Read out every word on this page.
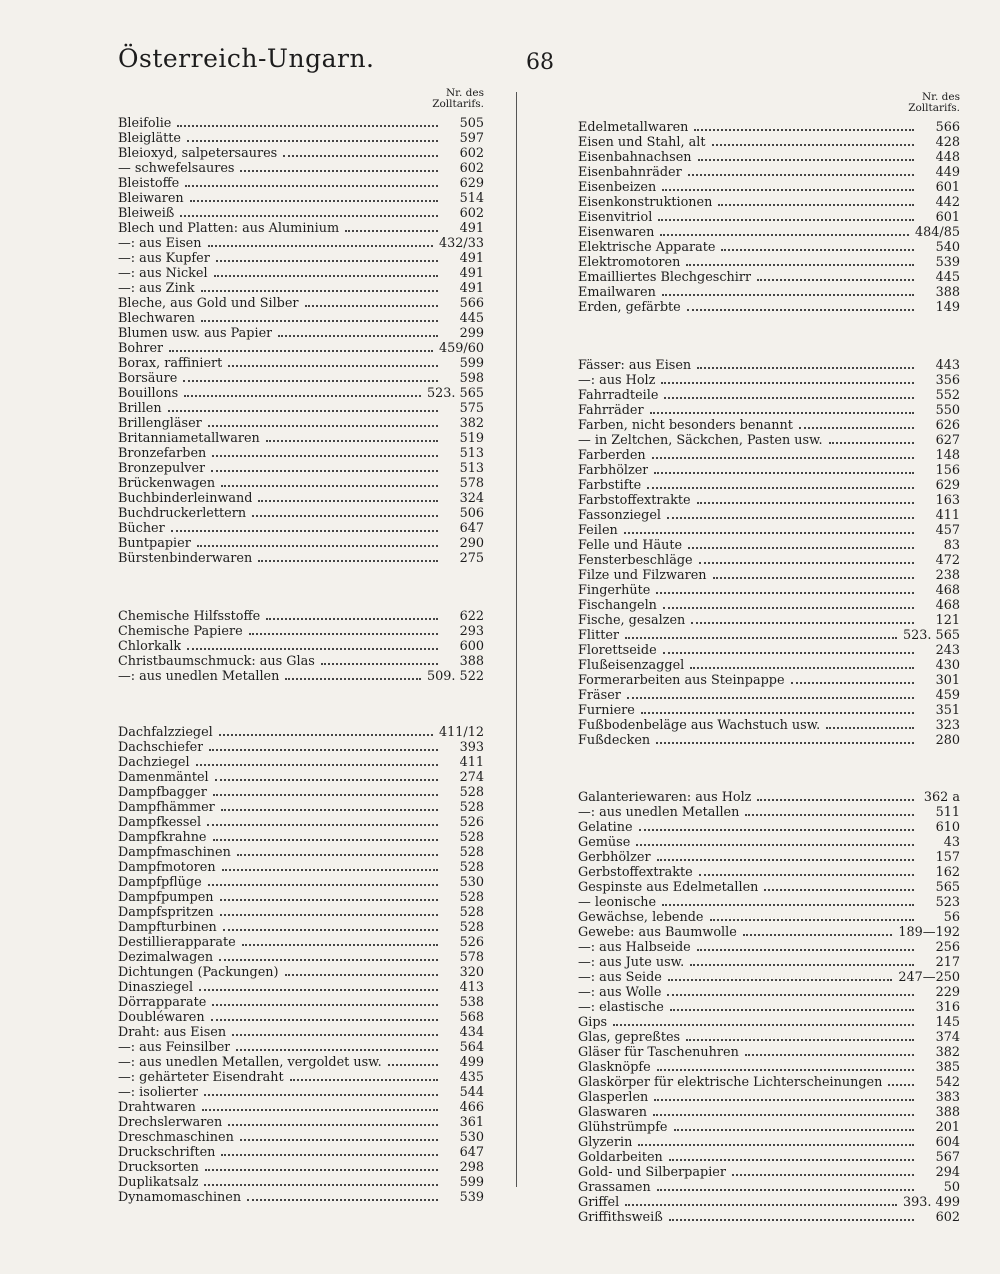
Österreich-Ungarn.	68
Nr. des
Zolltarifs.
Bleifolie	505
Bleiglätte	597
Bleioxyd, salpetersaures	602
— schwefelsaures	602
Bleistoffe	629
Bleiwaren	514
Bleiweiß	602
Blech und Platten: aus Aluminium	491
—: aus Eisen	432/33
—: aus Kupfer	491
—: aus Nickel	491
—: aus Zink	491
Bleche, aus Gold und Silber	566
Blechwaren	445
Blumen usw. aus Papier	299
Bohrer	459/60
Borax, raffiniert	599
Borsäure	598
Bouillons	523. 565
Brillen	575
Brillengläser	382
Britanniametallwaren	519
Bronzefarben	513
Bronzepulver	513
Brückenwagen	578
Buchbinderleinwand	324
Buchdruckerlettern	506
Bücher	647
Buntpapier	290
Bürstenbinderwaren	275
Chemische Hilfsstoffe	622
Chemische Papiere	293
Chlorkalk	600
Christbaumschmuck: aus Glas	388
—: aus unedlen Metallen	509. 522
Dachfalzziegel	411/12
Dachschiefer	393
Dachziegel	411
Damenmäntel	274
Dampfbagger	528
Dampfhämmer	528
Dampfkessel	526
Dampfkrahne	528
Dampfmaschinen	528
Dampfmotoren	528
Dampfpflüge	530
Dampfpumpen	528
Dampfspritzen	528
Dampfturbinen	528
Destillierapparate	526
Dezimalwagen	578
Dichtungen (Packungen)	320
Dinasziegel	413
Dörrapparate	538
Doubléwaren	568
Draht: aus Eisen	434
—: aus Feinsilber	564
—: aus unedlen Metallen, vergoldet usw.	499
—: gehärteter Eisendraht	435
—: isolierter	544
Drahtwaren	466
Drechslerwaren	361
Dreschmaschinen	530
Druckschriften	647
Drucksorten	298
Duplikatsalz	599
Dynamomaschinen	539
Nr. des
Zolltarifs.
Edelmetallwaren	566
Eisen und Stahl, alt	428
Eisenbahnachsen	448
Eisenbahnräder	449
Eisenbeizen	601
Eisenkonstruktionen	442
Eisenvitriol	601
Eisenwaren	484/85
Elektrische Apparate	540
Elektromotoren	539
Emailliertes Blechgeschirr	445
Emailwaren	388
Erden, gefärbte	149
Fässer: aus Eisen	443
—: aus Holz	356
Fahrradteile	552
Fahrräder	550
Farben, nicht besonders benannt	626
— in Zeltchen, Säckchen, Pasten usw.	627
Farberden	148
Farbhölzer	156
Farbstifte	629
Farbstoffextrakte	163
Fassonziegel	411
Feilen	457
Felle und Häute	83
Fensterbeschläge	472
Filze und Filzwaren	238
Fingerhüte	468
Fischangeln	468
Fische, gesalzen	121
Flitter	523. 565
Florettseide	243
Flußeisenzaggel	430
Formerarbeiten aus Steinpappe	301
Fräser	459
Furniere	351
Fußbodenbeläge aus Wachstuch usw.	323
Fußdecken	280
Galanteriewaren: aus Holz	362 a
—: aus unedlen Metallen	511
Gelatine	610
Gemüse	43
Gerbhölzer	157
Gerbstoffextrakte	162
Gespinste aus Edelmetallen	565
— leonische	523
Gewächse, lebende	56
Gewebe: aus Baumwolle	189—192
—: aus Halbseide	256
—: aus Jute usw.	217
—: aus Seide	247—250
—: aus Wolle	229
—: elastische	316
Gips	145
Glas, gepreßtes	374
Gläser für Taschenuhren	382
Glasknöpfe	385
Glaskörper für elektrische Lichterscheinungen	542
Glasperlen	383
Glaswaren	388
Glühstrümpfe	201
Glyzerin	604
Goldarbeiten	567
Gold- und Silberpapier	294
Grassamen	50
Griffel	393. 499
Griffithsweiß	602
